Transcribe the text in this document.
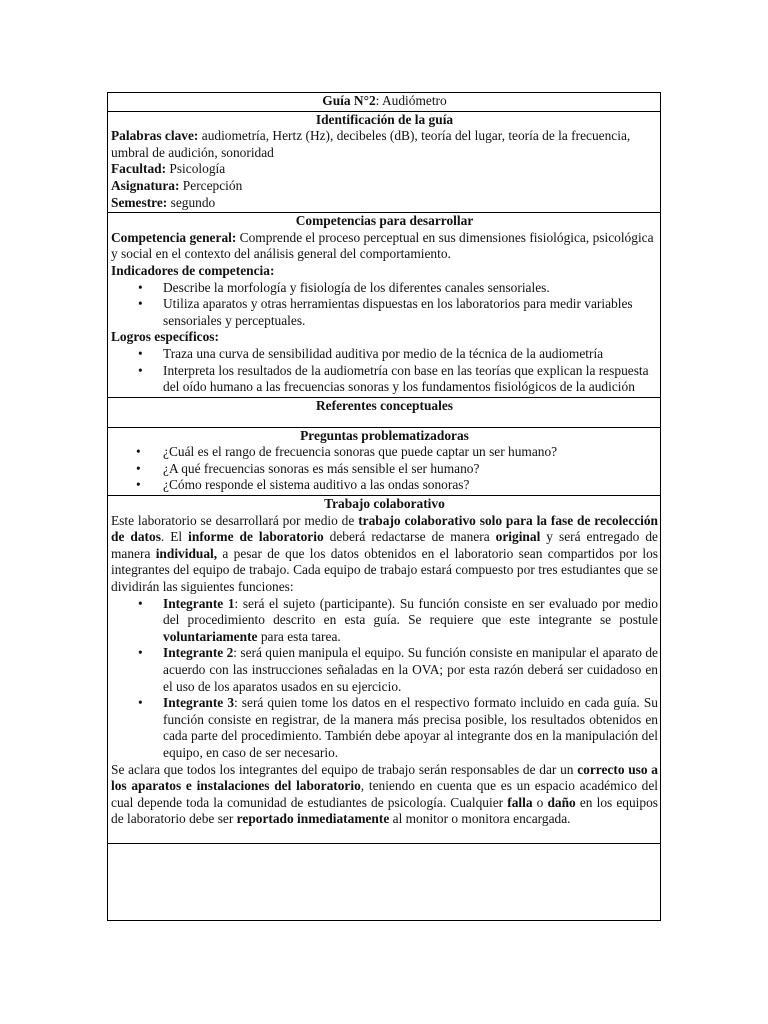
Guía N°2: Audiómetro

Identificación de la guía

Palabras clave: audiometría, Hertz (Hz), decibeles (dB), teoría del lugar, teoría de la frecuencia, umbral de audición, sonoridad

Facultad: Psicología

Asignatura: Percepción

Semestre: segundo

Competencias para desarrollar

Competencia general: Comprende el proceso perceptual en sus dimensiones fisiológica, psicológica y social en el contexto del análisis general del comportamiento.

Indicadores de competencia:

• Describe la morfología y fisiología de los diferentes canales sensoriales.
• Utiliza aparatos y otras herramientas dispuestas en los laboratorios para medir variables sensoriales y perceptuales.

Logros específicos:

• Traza una curva de sensibilidad auditiva por medio de la técnica de la audiometría
• Interpreta los resultados de la audiometría con base en las teorías que explican la respuesta del oído humano a las frecuencias sonoras y los fundamentos fisiológicos de la audición

Referentes conceptuales

Preguntas problematizadoras
• ¿Cuál es el rango de frecuencia sonoras que puede captar un ser humano?
• ¿A qué frecuencias sonoras es más sensible el ser humano?
• ¿Cómo responde el sistema auditivo a las ondas sonoras?

Trabajo colaborativo

Este laboratorio se desarrollará por medio de trabajo colaborativo solo para la fase de recolección de datos. El informe de laboratorio deberá redactarse de manera original y será entregado de manera individual, a pesar de que los datos obtenidos en el laboratorio sean compartidos por los integrantes del equipo de trabajo. Cada equipo de trabajo estará compuesto por tres estudiantes que se dividirán las siguientes funciones:

• Integrante 1: será el sujeto (participante). Su función consiste en ser evaluado por medio del procedimiento descrito en esta guía. Se requiere que este integrante se postule voluntariamente para esta tarea.
• Integrante 2: será quien manipula el equipo. Su función consiste en manipular el aparato de acuerdo con las instrucciones señaladas en la OVA; por esta razón deberá ser cuidadoso en el uso de los aparatos usados en su ejercicio.
• Integrante 3: será quien tome los datos en el respectivo formato incluido en cada guía. Su función consiste en registrar, de la manera más precisa posible, los resultados obtenidos en cada parte del procedimiento. También debe apoyar al integrante dos en la manipulación del equipo, en caso de ser necesario.

Se aclara que todos los integrantes del equipo de trabajo serán responsables de dar un correcto uso a los aparatos e instalaciones del laboratorio, teniendo en cuenta que es un espacio académico del cual depende toda la comunidad de estudiantes de psicología. Cualquier falla o daño en los equipos de laboratorio debe ser reportado inmediatamente al monitor o monitora encargada.
